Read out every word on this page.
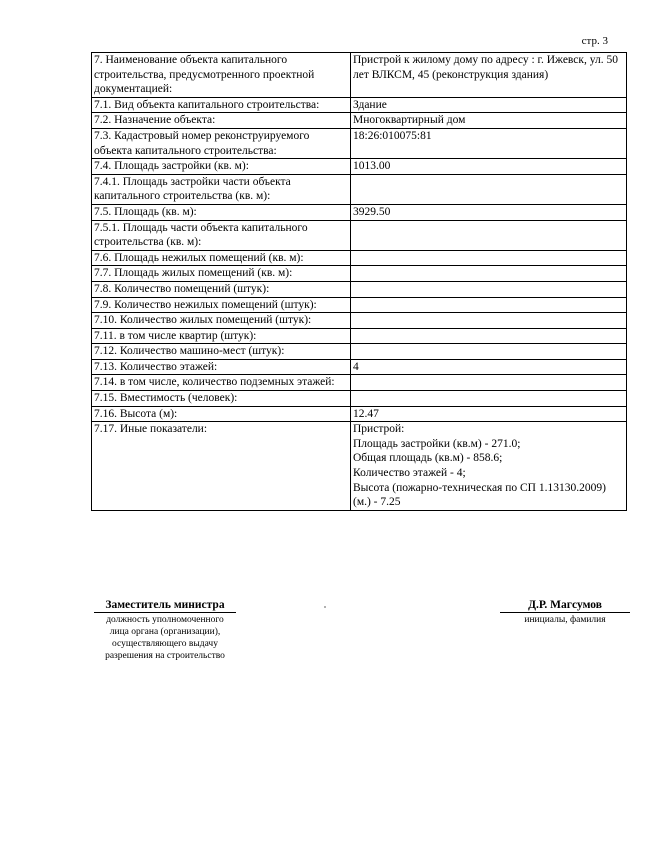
стр. 3
7. Наименование объекта капитального строительства, предусмотренного проектной документацией:	Пристрой к жилому дому по адресу : г. Ижевск, ул. 50 лет ВЛКСМ, 45 (реконструкция здания)
7.1. Вид объекта капитального строительства:	Здание
7.2. Назначение объекта:	Многоквартирный дом
7.3. Кадастровый номер реконструируемого объекта капитального строительства:	18:26:010075:81
7.4. Площадь застройки (кв. м):	1013.00
7.4.1. Площадь застройки части объекта капитального строительства (кв. м):	
7.5. Площадь (кв. м):	3929.50
7.5.1. Площадь части объекта капитального строительства (кв. м):	
7.6. Площадь нежилых помещений (кв. м):	
7.7. Площадь жилых помещений (кв. м):	
7.8. Количество помещений (штук):	
7.9. Количество нежилых помещений (штук):	
7.10. Количество жилых помещений (штук):	
7.11. в том числе квартир (штук):	
7.12. Количество машино-мест (штук):	
7.13. Количество этажей:	4
7.14. в том числе, количество подземных этажей:	
7.15. Вместимость (человек):	
7.16. Высота (м):	12.47
7.17. Иные показатели:	Пристрой:
Площадь застройки (кв.м) - 271.0;
Общая площадь (кв.м) - 858.6;
Количество этажей - 4;
Высота (пожарно-техническая по СП 1.13130.2009)(м.) - 7.25
Заместитель министра
должность уполномоченного
лица органа (организации),
осуществляющего выдачу
разрешения на строительство
Д.Р. Магсумов
инициалы, фамилия
